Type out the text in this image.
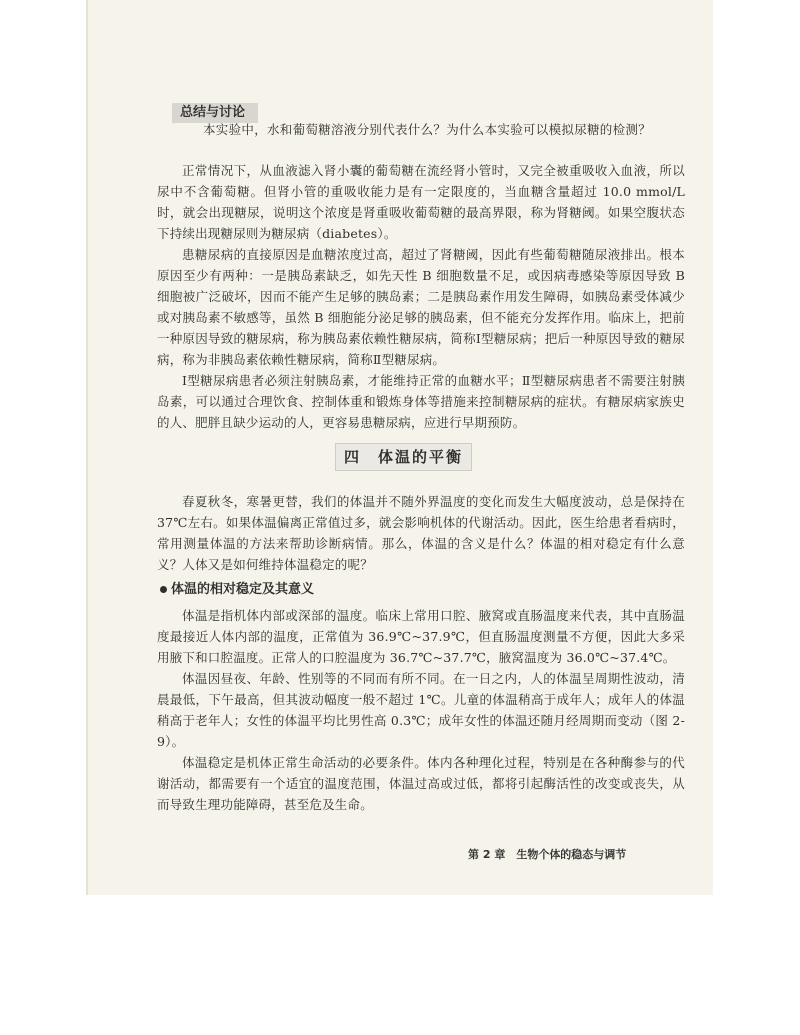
总结与讨论
本实验中，水和葡萄糖溶液分别代表什么？为什么本实验可以模拟尿糖的检测？
正常情况下，从血液滤入肾小囊的葡萄糖在流经肾小管时，又完全被重吸收入血液，所以尿中不含葡萄糖。但肾小管的重吸收能力是有一定限度的，当血糖含量超过 10.0 mmol/L 时，就会出现糖尿，说明这个浓度是肾重吸收葡萄糖的最高界限，称为肾糖阈。如果空腹状态下持续出现糖尿则为糖尿病（diabetes）。
患糖尿病的直接原因是血糖浓度过高，超过了肾糖阈，因此有些葡萄糖随尿液排出。根本原因至少有两种：一是胰岛素缺乏，如先天性 B 细胞数量不足，或因病毒感染等原因导致 B 细胞被广泛破坏，因而不能产生足够的胰岛素；二是胰岛素作用发生障碍，如胰岛素受体减少或对胰岛素不敏感等，虽然 B 细胞能分泌足够的胰岛素，但不能充分发挥作用。临床上，把前一种原因导致的糖尿病，称为胰岛素依赖性糖尿病，简称Ⅰ型糖尿病；把后一种原因导致的糖尿病，称为非胰岛素依赖性糖尿病，简称Ⅱ型糖尿病。
Ⅰ型糖尿病患者必须注射胰岛素，才能维持正常的血糖水平；Ⅱ型糖尿病患者不需要注射胰岛素，可以通过合理饮食、控制体重和锻炼身体等措施来控制糖尿病的症状。有糖尿病家族史的人、肥胖且缺少运动的人，更容易患糖尿病，应进行早期预防。
四　体温的平衡
春夏秋冬，寒暑更替，我们的体温并不随外界温度的变化而发生大幅度波动，总是保持在37℃左右。如果体温偏离正常值过多，就会影响机体的代谢活动。因此，医生给患者看病时，常用测量体温的方法来帮助诊断病情。那么，体温的含义是什么？体温的相对稳定有什么意义？人体又是如何维持体温稳定的呢？
体温的相对稳定及其意义
体温是指机体内部或深部的温度。临床上常用口腔、腋窝或直肠温度来代表，其中直肠温度最接近人体内部的温度，正常值为 36.9℃~37.9℃，但直肠温度测量不方便，因此大多采用腋下和口腔温度。正常人的口腔温度为 36.7℃~37.7℃，腋窝温度为 36.0℃~37.4℃。
体温因昼夜、年龄、性别等的不同而有所不同。在一日之内，人的体温呈周期性波动，清晨最低，下午最高，但其波动幅度一般不超过 1℃。儿童的体温稍高于成年人；成年人的体温稍高于老年人；女性的体温平均比男性高 0.3℃；成年女性的体温还随月经周期而变动（图 2-9）。
体温稳定是机体正常生命活动的必要条件。体内各种理化过程，特别是在各种酶参与的代谢活动，都需要有一个适宜的温度范围，体温过高或过低，都将引起酶活性的改变或丧失，从而导致生理功能障碍，甚至危及生命。
第 2 章　生物个体的稳态与调节
